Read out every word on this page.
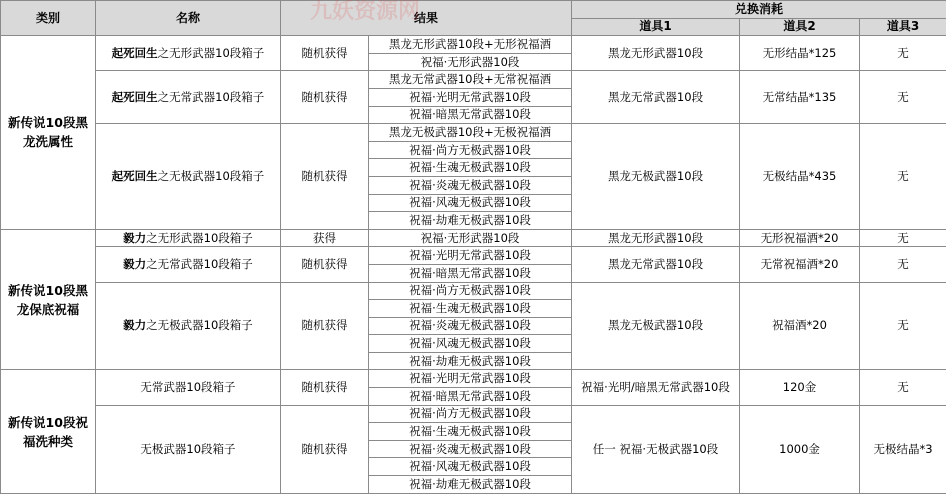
类别	名称	结果		兑换消耗		
				道具1	道具2	道具3
新传说10段黑龙洗属性	起死回生之无形武器10段箱子	随机获得	黑龙无形武器10段+无形祝福酒	黑龙无形武器10段	无形结晶*125	无
			祝福·无形武器10段			
	起死回生之无常武器10段箱子	随机获得	黑龙无常武器10段+无常祝福酒	黑龙无常武器10段	无常结晶*135	无
			祝福·光明无常武器10段			
			祝福·暗黑无常武器10段			
	起死回生之无极武器10段箱子	随机获得	黑龙无极武器10段+无极祝福酒	黑龙无极武器10段	无极结晶*435	无
			祝福·尚方无极武器10段			
			祝福·生魂无极武器10段			
			祝福·炎魂无极武器10段			
			祝福·风魂无极武器10段			
			祝福·劫难无极武器10段			
新传说10段黑龙保底祝福	毅力之无形武器10段箱子	获得	祝福·无形武器10段	黑龙无形武器10段	无形祝福酒*20	无
	毅力之无常武器10段箱子	随机获得	祝福·光明无常武器10段	黑龙无常武器10段	无常祝福酒*20	无
			祝福·暗黑无常武器10段			
	毅力之无极武器10段箱子	随机获得	祝福·尚方无极武器10段	黑龙无极武器10段	祝福酒*20	无
			祝福·生魂无极武器10段			
			祝福·炎魂无极武器10段			
			祝福·风魂无极武器10段			
			祝福·劫难无极武器10段			
新传说10段祝福洗种类	无常武器10段箱子	随机获得	祝福·光明无常武器10段	祝福·光明/暗黑无常武器10段	120金	无
			祝福·暗黑无常武器10段			
	无极武器10段箱子	随机获得	祝福·尚方无极武器10段	任一 祝福·无极武器10段	1000金	无极结晶*3
			祝福·生魂无极武器10段			
			祝福·炎魂无极武器10段			
			祝福·风魂无极武器10段			
			祝福·劫难无极武器10段			
